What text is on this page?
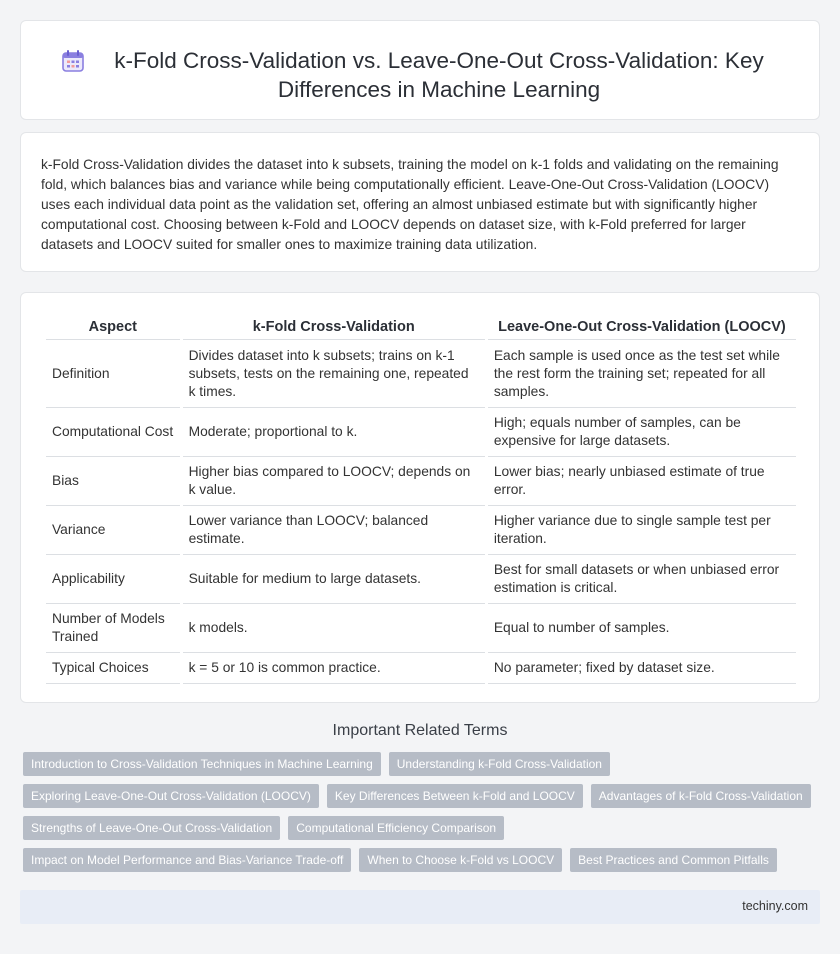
k-Fold Cross-Validation vs. Leave-One-Out Cross-Validation: Key Differences in Machine Learning

k-Fold Cross-Validation divides the dataset into k subsets, training the model on k-1 folds and validating on the remaining fold, which balances bias and variance while being computationally efficient. Leave-One-Out Cross-Validation (LOOCV) uses each individual data point as the validation set, offering an almost unbiased estimate but with significantly higher computational cost. Choosing between k-Fold and LOOCV depends on dataset size, with k-Fold preferred for larger datasets and LOOCV suited for smaller ones to maximize training data utilization.

Aspect	k-Fold Cross-Validation	Leave-One-Out Cross-Validation (LOOCV)
Definition	Divides dataset into k subsets; trains on k-1 subsets, tests on the remaining one, repeated k times.	Each sample is used once as the test set while the rest form the training set; repeated for all samples.
Computational Cost	Moderate; proportional to k.	High; equals number of samples, can be expensive for large datasets.
Bias	Higher bias compared to LOOCV; depends on k value.	Lower bias; nearly unbiased estimate of true error.
Variance	Lower variance than LOOCV; balanced estimate.	Higher variance due to single sample test per iteration.
Applicability	Suitable for medium to large datasets.	Best for small datasets or when unbiased error estimation is critical.
Number of Models Trained	k models.	Equal to number of samples.
Typical Choices	k = 5 or 10 is common practice.	No parameter; fixed by dataset size.
Important Related Terms
Introduction to Cross-Validation Techniques in Machine Learning	Understanding k-Fold Cross-Validation
Exploring Leave-One-Out Cross-Validation (LOOCV)	Key Differences Between k-Fold and LOOCV	Advantages of k-Fold Cross-Validation
Strengths of Leave-One-Out Cross-Validation	Computational Efficiency Comparison
Impact on Model Performance and Bias-Variance Trade-off	When to Choose k-Fold vs LOOCV	Best Practices and Common Pitfalls
techiny.com
